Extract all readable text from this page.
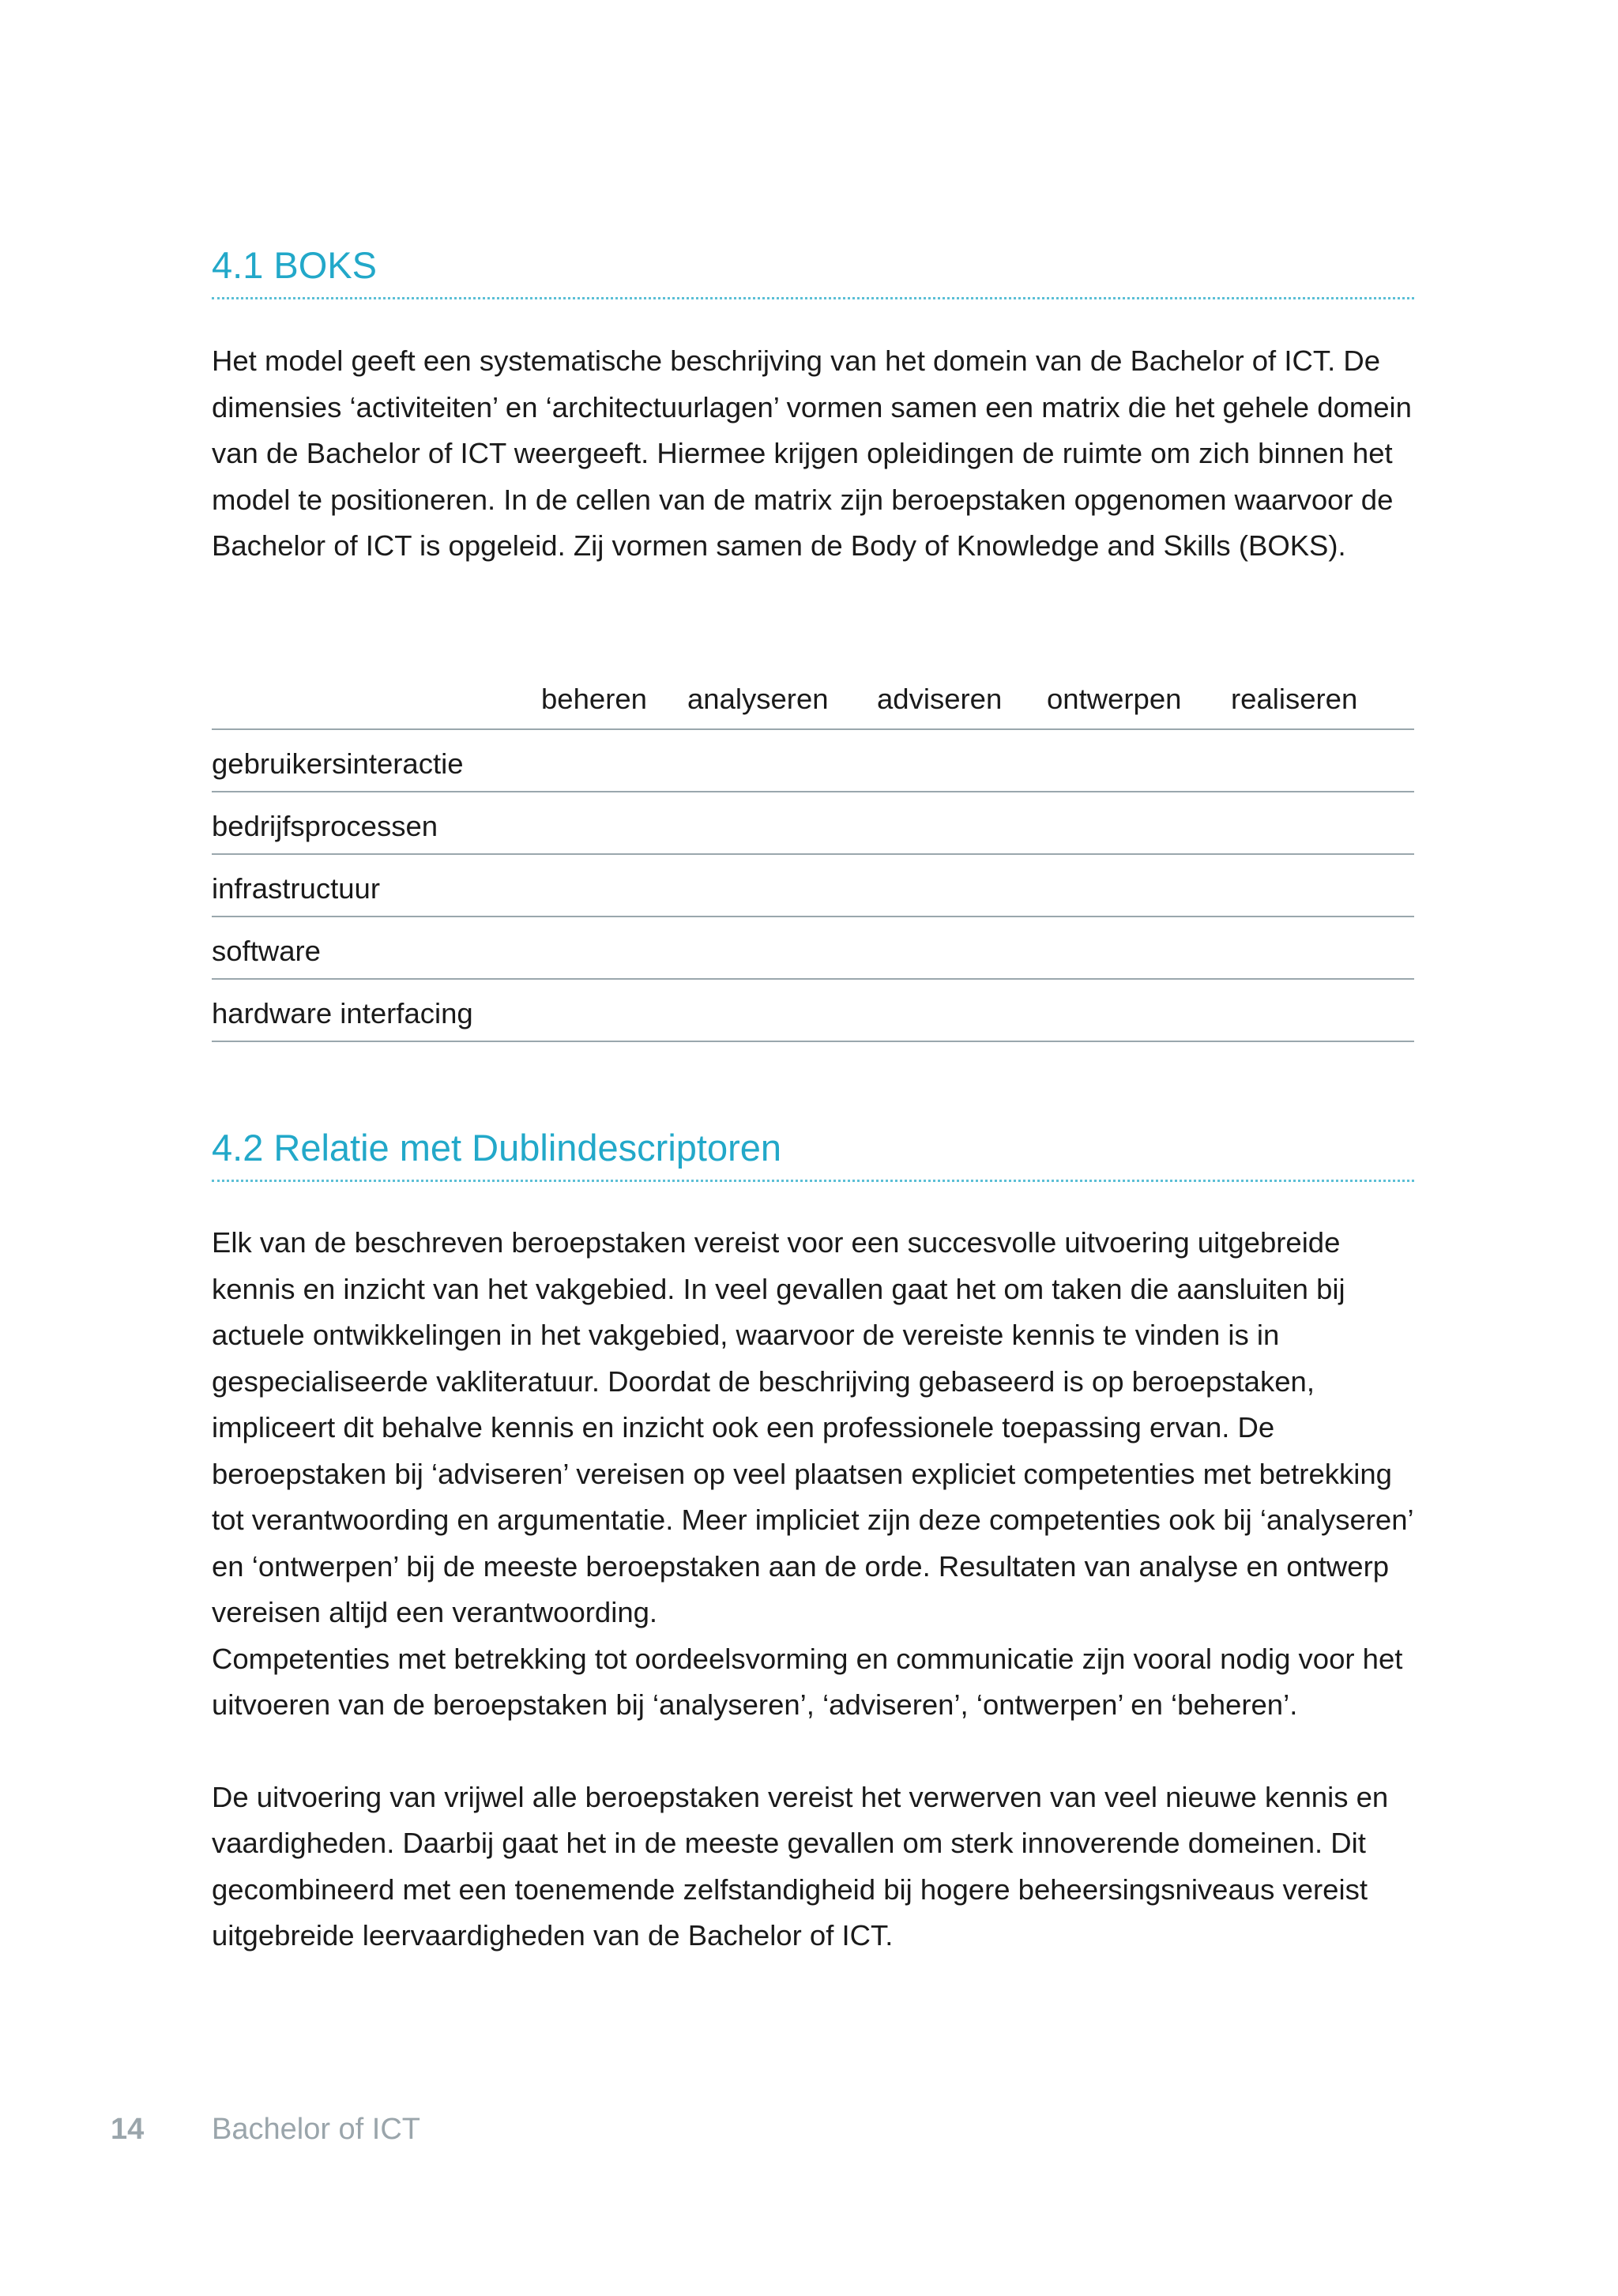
4.1 BOKS

Het model geeft een systematische beschrijving van het domein van de Bachelor of ICT. De dimensies ‘activiteiten’ en ‘architectuurlagen’ vormen samen een matrix die het gehele domein van de Bachelor of ICT weergeeft. Hiermee krijgen opleidingen de ruimte om zich binnen het model te positioneren. In de cellen van de matrix zijn beroepstaken opgenomen waarvoor de Bachelor of ICT is opgeleid. Zij vormen samen de Body of Knowledge and Skills (BOKS).

beheren analyseren adviseren ontwerpen realiseren
gebruikersinteractie
bedrijfsprocessen
infrastructuur
software
hardware interfacing
4.2 Relatie met Dublindescriptoren

Elk van de beschreven beroepstaken vereist voor een succesvolle uitvoering uitgebreide kennis en inzicht van het vakgebied. In veel gevallen gaat het om taken die aansluiten bij actuele ontwikkelingen in het vakgebied, waarvoor de vereiste kennis te vinden is in gespecialiseerde vakliteratuur. Doordat de beschrijving gebaseerd is op beroepstaken, impliceert dit behalve kennis en inzicht ook een professionele toepassing ervan. De beroepstaken bij ‘adviseren’ vereisen op veel plaatsen expliciet competenties met betrekking tot verantwoording en argumentatie. Meer impliciet zijn deze competenties ook bij ‘analyseren’ en ‘ontwerpen’ bij de meeste beroepstaken aan de orde. Resultaten van analyse en ontwerp vereisen altijd een verantwoording.

Competenties met betrekking tot oordeelsvorming en communicatie zijn vooral nodig voor het uitvoeren van de beroepstaken bij ‘analyseren’, ‘adviseren’, ‘ontwerpen’ en ‘beheren’.

De uitvoering van vrijwel alle beroepstaken vereist het verwerven van veel nieuwe kennis en vaardigheden. Daarbij gaat het in de meeste gevallen om sterk innoverende domeinen. Dit gecombineerd met een toenemende zelfstandigheid bij hogere beheersingsniveaus vereist uitgebreide leervaardigheden van de Bachelor of ICT.

14 Bachelor of ICT
